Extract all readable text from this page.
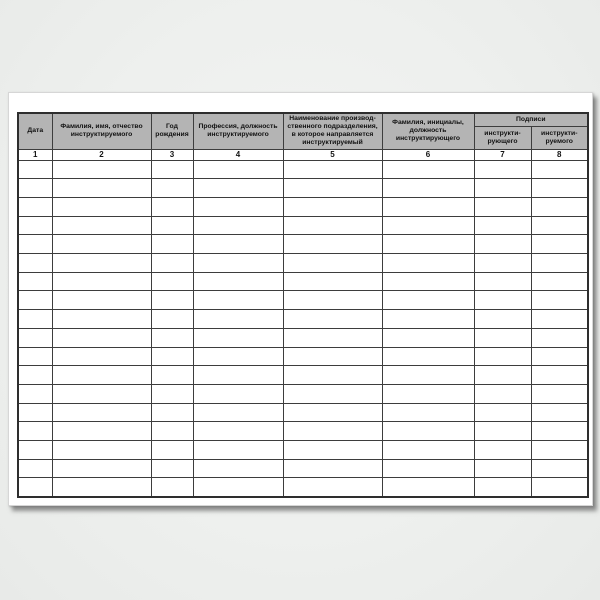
Дата	Фамилия, имя, отчество инструктируемого	Год рождения	Профессия, должность инструктируемого	Наименование производ-ственного подразделения, в которое направляется инструктируемый	Фамилия, инициалы, должность инструктирующего	Подписи	
						инструкти-рующего	инструкти-руемого
1	2	3	4	5	6	7	8
